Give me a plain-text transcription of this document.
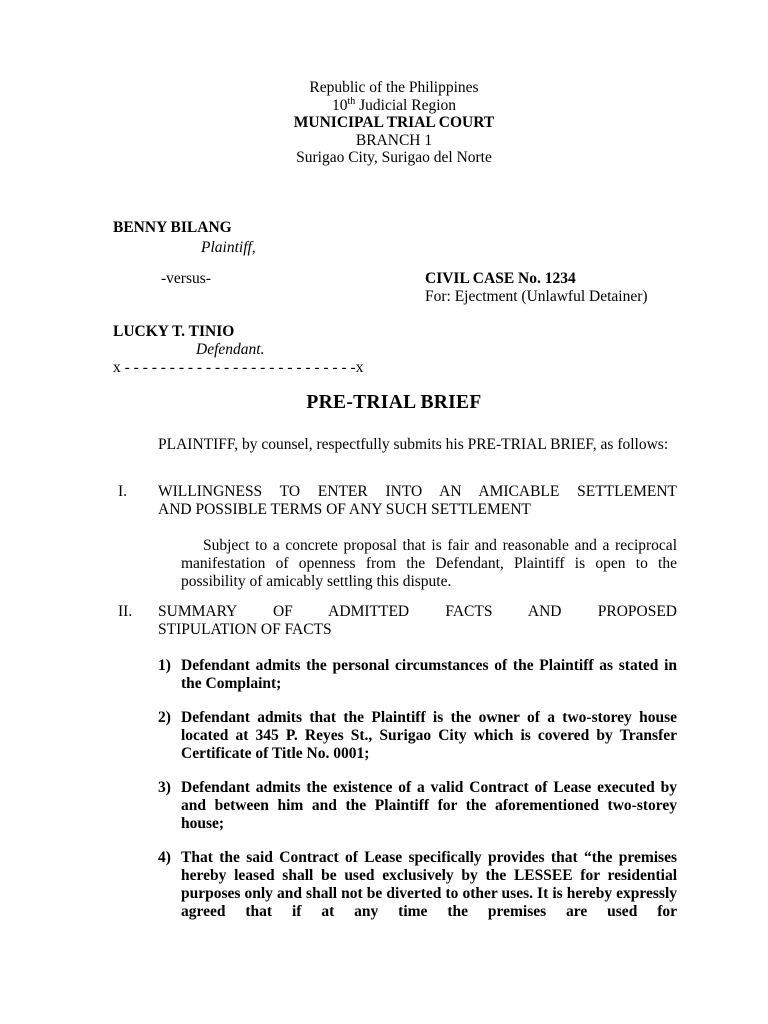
Republic of the Philippines
10th Judicial Region
MUNICIPAL TRIAL COURT
BRANCH 1
Surigao City, Surigao del Norte
BENNY BILANG
Plaintiff,
-versus-	CIVIL CASE No. 1234
For: Ejectment (Unlawful Detainer)
LUCKY T. TINIO
Defendant.
x - - - - - - - - - - - - - - - - - - - - - - - - - -x
PRE-TRIAL BRIEF
PLAINTIFF, by counsel, respectfully submits his PRE-TRIAL BRIEF, as follows:
I. WILLINGNESS TO ENTER INTO AN AMICABLE SETTLEMENT
AND POSSIBLE TERMS OF ANY SUCH SETTLEMENT
Subject to a concrete proposal that is fair and reasonable and a reciprocal manifestation of openness from the Defendant, Plaintiff is open to the possibility of amicably settling this dispute.
II. SUMMARY OF ADMITTED FACTS AND PROPOSED
STIPULATION OF FACTS
1) Defendant admits the personal circumstances of the Plaintiff as stated in the Complaint;
2) Defendant admits that the Plaintiff is the owner of a two-storey house located at 345 P. Reyes St., Surigao City which is covered by Transfer Certificate of Title No. 0001;
3) Defendant admits the existence of a valid Contract of Lease executed by and between him and the Plaintiff for the aforementioned two-storey house;
4) That the said Contract of Lease specifically provides that “the premises hereby leased shall be used exclusively by the LESSEE for residential purposes only and shall not be diverted to other uses. It is hereby expressly agreed that if at any time the premises are used for
